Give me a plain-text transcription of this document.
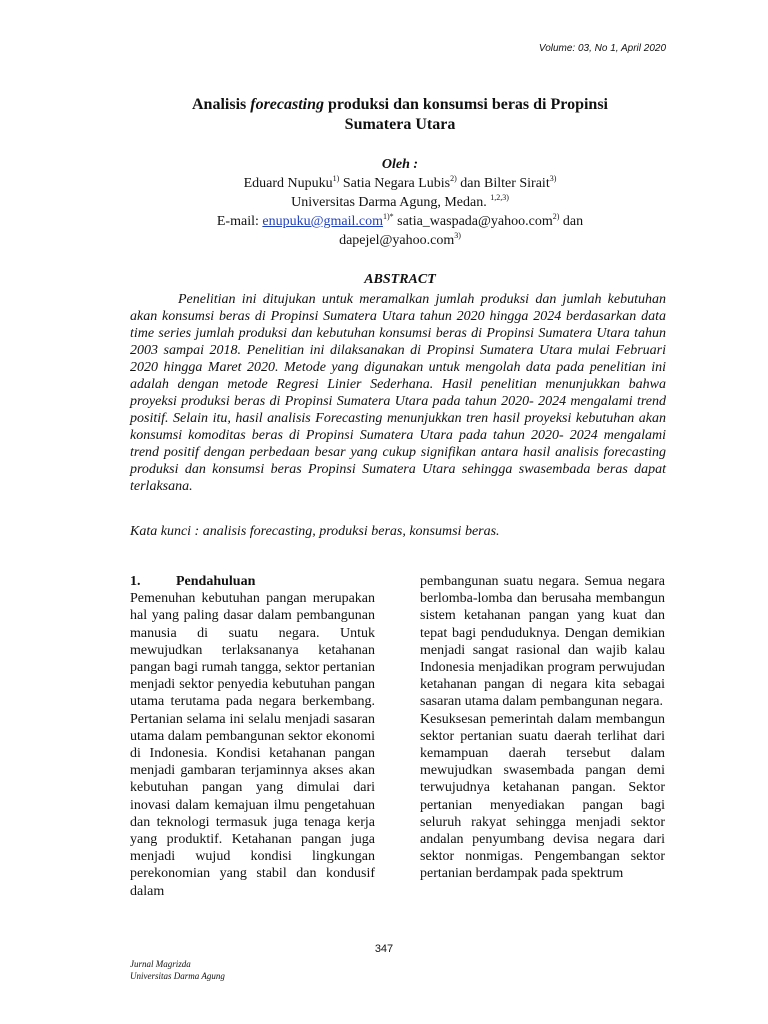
Volume: 03, No 1, April 2020
Analisis forecasting produksi dan konsumsi beras di Propinsi Sumatera Utara
Oleh :
Eduard Nupuku$^{1)}$ Satia Negara Lubis$^{2)}$ dan Bilter Sirait$^{3)}$
Universitas Darma Agung, Medan. $^{1,2,3)}$
E-mail: enupuku@gmail.com$^{1)*}$ satia_waspada@yahoo.com$^{2)}$ dan
dapejel@yahoo.com$^{3)}$
ABSTRACT

Penelitian ini ditujukan untuk meramalkan jumlah produksi dan jumlah kebutuhan akan konsumsi beras di Propinsi Sumatera Utara tahun 2020 hingga 2024 berdasarkan data time series jumlah produksi dan kebutuhan konsumsi beras di Propinsi Sumatera Utara tahun 2003 sampai 2018. Penelitian ini dilaksanakan di Propinsi Sumatera Utara mulai Februari 2020 hingga Maret 2020. Metode yang digunakan untuk mengolah data pada penelitian ini adalah dengan metode Regresi Linier Sederhana. Hasil penelitian menunjukkan bahwa proyeksi produksi beras di Propinsi Sumatera Utara pada tahun 2020- 2024 mengalami trend positif. Selain itu, hasil analisis Forecasting menunjukkan tren hasil proyeksi kebutuhan akan konsumsi komoditas beras di Propinsi Sumatera Utara pada tahun 2020- 2024 mengalami trend positif dengan perbedaan besar yang cukup signifikan antara hasil analisis forecasting produksi dan konsumsi beras Propinsi Sumatera Utara sehingga swasembada beras dapat terlaksana.

Kata kunci : analisis forecasting, produksi beras, konsumsi beras.

1.	Pendahuluan

Pemenuhan kebutuhan pangan merupakan hal yang paling dasar dalam pembangunan manusia di suatu negara. Untuk mewujudkan terlaksananya ketahanan pangan bagi rumah tangga, sektor pertanian menjadi sektor penyedia kebutuhan pangan utama terutama pada negara berkembang. Pertanian selama ini selalu menjadi sasaran utama dalam pembangunan sektor ekonomi di Indonesia. Kondisi ketahanan pangan menjadi gambaran terjaminnya akses akan kebutuhan pangan yang dimulai dari inovasi dalam kemajuan ilmu pengetahuan dan teknologi termasuk juga tenaga kerja yang produktif. Ketahanan pangan juga menjadi wujud kondisi lingkungan perekonomian yang stabil dan kondusif dalam

pembangunan suatu negara. Semua negara berlomba-lomba dan berusaha membangun sistem ketahanan pangan yang kuat dan tepat bagi penduduknya. Dengan demikian menjadi sangat rasional dan wajib kalau Indonesia menjadikan program perwujudan ketahanan pangan di negara kita sebagai sasaran utama dalam pembangunan negara.

Kesuksesan pemerintah dalam membangun sektor pertanian suatu daerah terlihat dari kemampuan daerah tersebut dalam mewujudkan swasembada pangan demi terwujudnya ketahanan pangan. Sektor pertanian menyediakan pangan bagi seluruh rakyat sehingga menjadi sektor andalan penyumbang devisa negara dari sektor nonmigas. Pengembangan sektor pertanian berdampak pada spektrum

347
Jurnal Magrizda
Universitas Darma Agung
